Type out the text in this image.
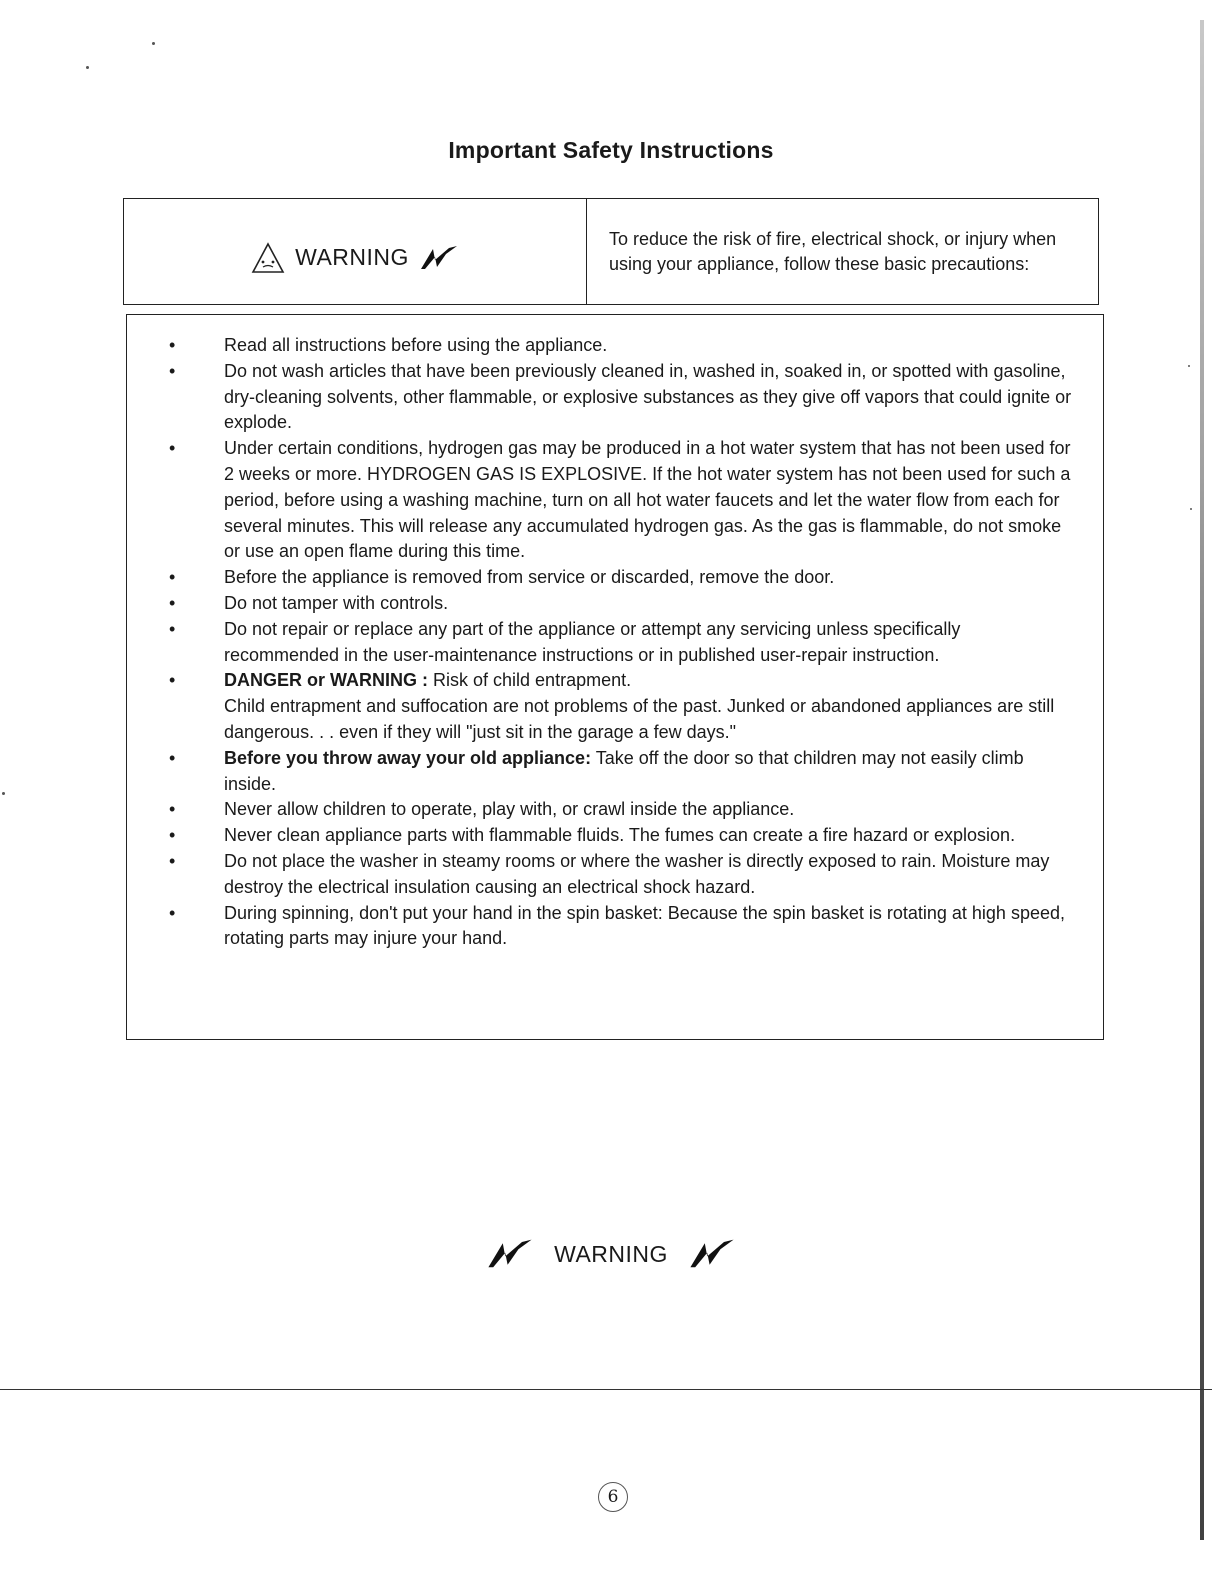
Important Safety Instructions
WARNING
To reduce the risk of fire, electrical shock, or injury when using your appliance, follow these basic precautions:
•	Read all instructions before using the appliance.
•	Do not wash articles that have been previously cleaned in, washed in, soaked in, or spotted with gasoline, dry-cleaning solvents, other flammable, or explosive substances as they give off vapors that could ignite or explode.
•	Under certain conditions, hydrogen gas may be produced in a hot water system that has not been used for 2 weeks or more. HYDROGEN GAS IS EXPLOSIVE. If the hot water system has not been used for such a period, before using a washing machine, turn on all hot water faucets and let the water flow from each for several minutes. This will release any accumulated hydrogen gas. As the gas is flammable, do not smoke or use an open flame during this time.
•	Before the appliance is removed from service or discarded, remove the door.
•	Do not tamper with controls.
•	Do not repair or replace any part of the appliance or attempt any servicing unless specifically recommended in the user-maintenance instructions or in published user-repair instruction.
•	DANGER or WARNING : Risk of child entrapment.
Child entrapment and suffocation are not problems of the past. Junked or abandoned appliances are still dangerous. . . even if they will "just sit in the garage a few days."
•	Before you throw away your old appliance: Take off the door so that children may not easily climb inside.
•	Never allow children to operate, play with, or crawl inside the appliance.
•	Never clean appliance parts with flammable fluids. The fumes can create a fire hazard or explosion.
•	Do not place the washer in steamy rooms or where the washer is directly exposed to rain. Moisture may destroy the electrical insulation causing an electrical shock hazard.
•	During spinning, don't put your hand in the spin basket: Because the spin basket is rotating at high speed, rotating parts may injure your hand.
WARNING
6
